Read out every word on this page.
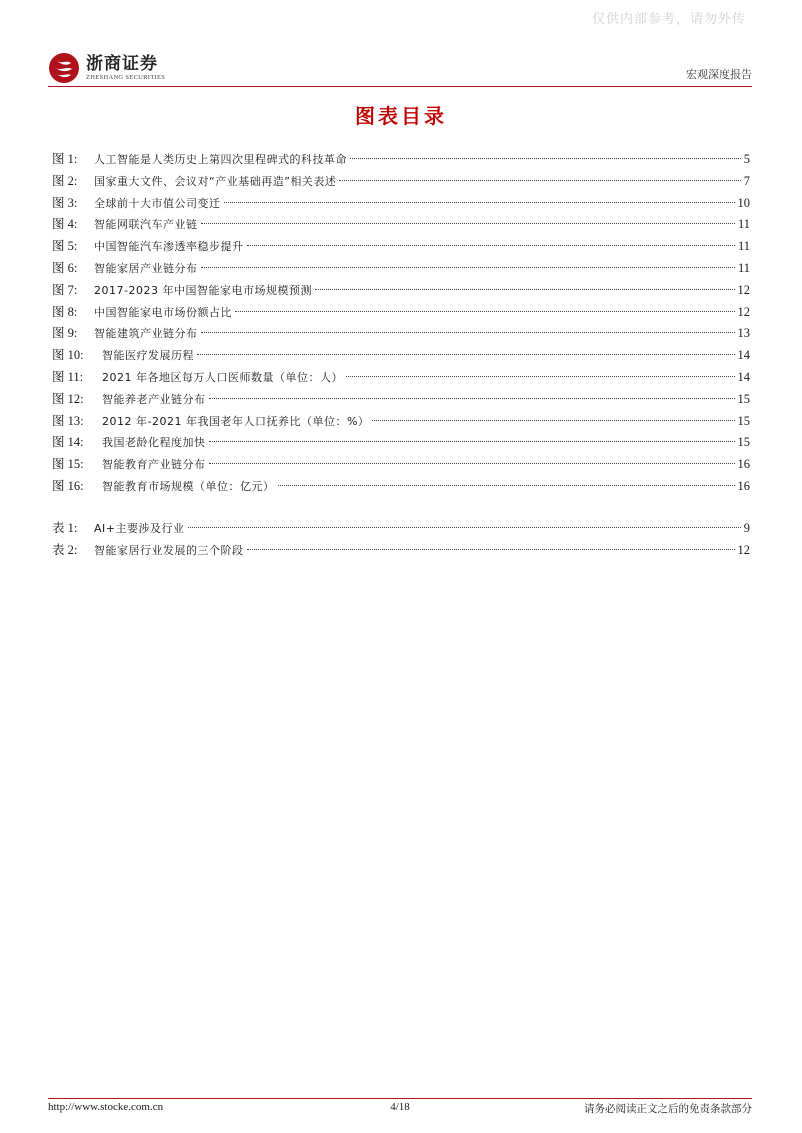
仅供内部参考，请勿外传
浙商证券
ZHESHANG SECURITIES	宏观深度报告
图表目录
图 1:	人工智能是人类历史上第四次里程碑式的科技革命	5
图 2:	国家重大文件、会议对“产业基础再造”相关表述	7
图 3:	全球前十大市值公司变迁	10
图 4:	智能网联汽车产业链	11
图 5:	中国智能汽车渗透率稳步提升	11
图 6:	智能家居产业链分布	11
图 7:	2017-2023 年中国智能家电市场规模预测	12
图 8:	中国智能家电市场份额占比	12
图 9:	智能建筑产业链分布	13
图 10:	智能医疗发展历程	14
图 11:	2021 年各地区每万人口医师数量（单位：人）	14
图 12:	智能养老产业链分布	15
图 13:	2012 年-2021 年我国老年人口抚养比（单位：%）	15
图 14:	我国老龄化程度加快	15
图 15:	智能教育产业链分布	16
图 16:	智能教育市场规模（单位：亿元）	16
表 1:	AI+主要涉及行业	9
表 2:	智能家居行业发展的三个阶段	12
http://www.stocke.com.cn	4/18	请务必阅读正文之后的免责条款部分
